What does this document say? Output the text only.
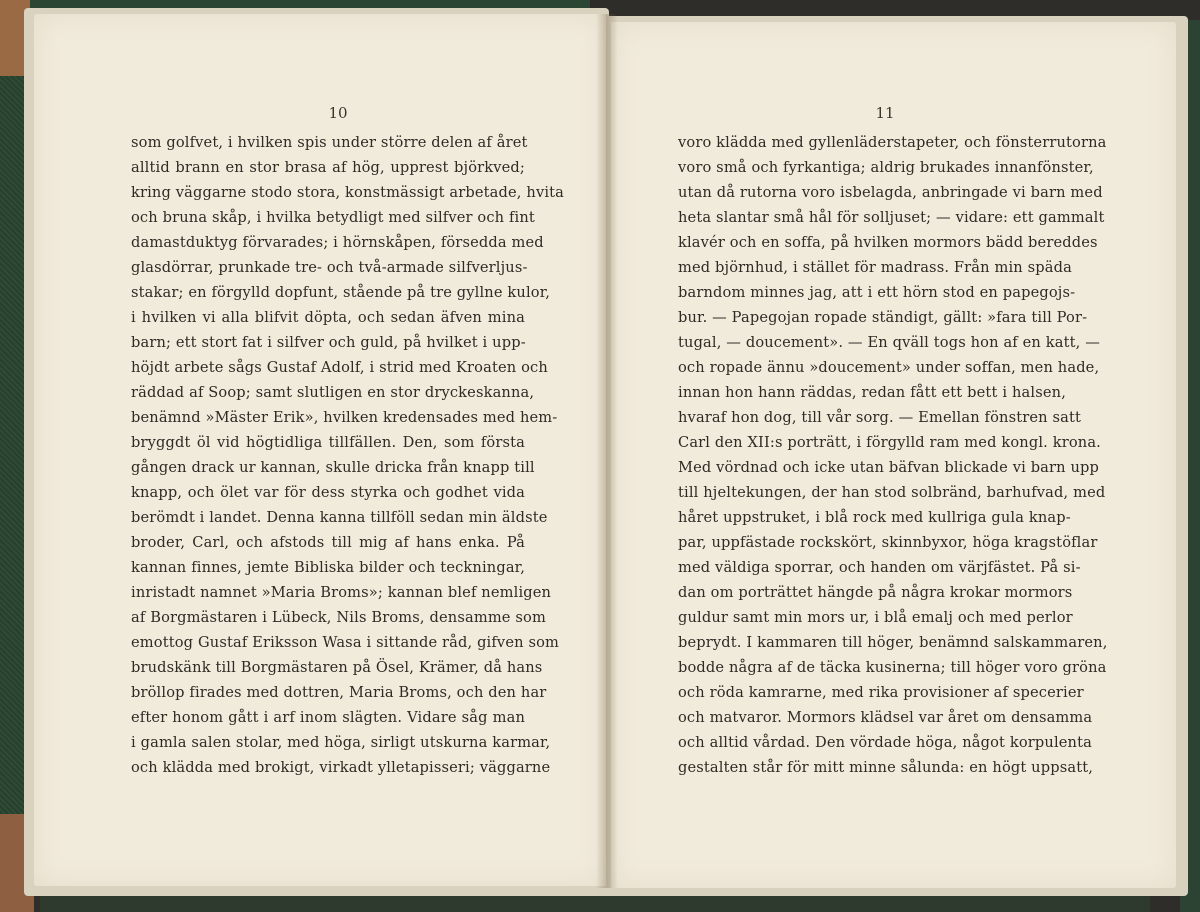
10
som golfvet, i hvilken spis under större delen af året
alltid brann en stor brasa af hög, upprest björkved;
kring väggarne stodo stora, konstmässigt arbetade, hvita
och bruna skåp, i hvilka betydligt med silfver och fint
damastduktyg förvarades; i hörnskåpen, försedda med
glasdörrar, prunkade tre- och två-armade silfverljus-
stakar; en förgylld dopfunt, stående på tre gyllne kulor,
i hvilken vi alla blifvit döpta, och sedan äfven mina
barn; ett stort fat i silfver och guld, på hvilket i upp-
höjdt arbete sågs Gustaf Adolf, i strid med Kroaten och
räddad af Soop; samt slutligen en stor dryckeskanna,
benämnd »Mäster Erik», hvilken kredensades med hem-
bryggdt öl vid högtidliga tillfällen. Den, som första
gången drack ur kannan, skulle dricka från knapp till
knapp, och ölet var för dess styrka och godhet vida
berömdt i landet. Denna kanna tillföll sedan min äldste
broder, Carl, och afstods till mig af hans enka. På
kannan finnes, jemte Bibliska bilder och teckningar,
inristadt namnet »Maria Broms»; kannan blef nemligen
af Borgmästaren i Lübeck, Nils Broms, densamme som
emottog Gustaf Eriksson Wasa i sittande råd, gifven som
brudskänk till Borgmästaren på Ösel, Krämer, då hans
bröllop firades med dottren, Maria Broms, och den har
efter honom gått i arf inom slägten. Vidare såg man
i gamla salen stolar, med höga, sirligt utskurna karmar,
och klädda med brokigt, virkadt ylletapisseri; väggarne
11
voro klädda med gyllenläderstapeter, och fönsterrutorna
voro små och fyrkantiga; aldrig brukades innanfönster,
utan då rutorna voro isbelagda, anbringade vi barn med
heta slantar små hål för solljuset; — vidare: ett gammalt
klavér och en soffa, på hvilken mormors bädd bereddes
med björnhud, i stället för madrass. Från min späda
barndom minnes jag, att i ett hörn stod en papegojs-
bur. — Papegojan ropade ständigt, gällt: »fara till Por-
tugal, — doucement». — En qväll togs hon af en katt, —
och ropade ännu »doucement» under soffan, men hade,
innan hon hann räddas, redan fått ett bett i halsen,
hvaraf hon dog, till vår sorg. — Emellan fönstren satt
Carl den XII:s porträtt, i förgylld ram med kongl. krona.
Med vördnad och icke utan bäfvan blickade vi barn upp
till hjeltekungen, der han stod solbränd, barhufvad, med
håret uppstruket, i blå rock med kullriga gula knap-
par, uppfästade rockskört, skinnbyxor, höga kragstöflar
med väldiga sporrar, och handen om värjfästet. På si-
dan om porträttet hängde på några krokar mormors
guldur samt min mors ur, i blå emalj och med perlor
beprydt. I kammaren till höger, benämnd salskammaren,
bodde några af de täcka kusinerna; till höger voro gröna
och röda kamrarne, med rika provisioner af specerier
och matvaror. Mormors klädsel var året om densamma
och alltid vårdad. Den vördade höga, något korpulenta
gestalten står för mitt minne sålunda: en högt uppsatt,
